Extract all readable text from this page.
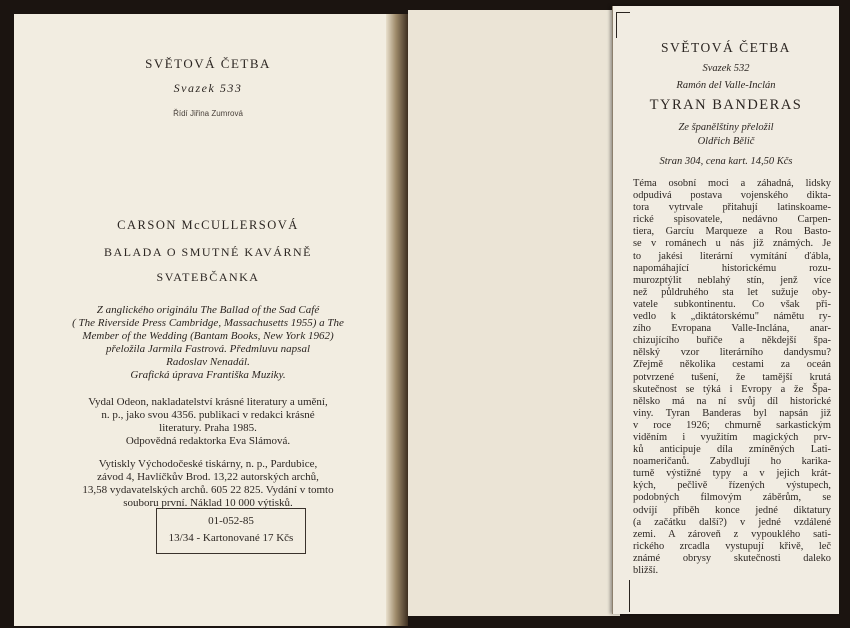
SVĚTOVÁ ČETBA
Svazek 533
Řídí Jiřina Zumrová
CARSON McCULLERSOVÁ
BALADA O SMUTNÉ KAVÁRNĚ
SVATEBČANKA
Z anglického originálu The Ballad of the Sad Café
( The Riverside Press Cambridge, Massachusetts 1955) a The
Member of the Wedding (Bantam Books, New York 1962)
přeložila Jarmila Fastrová. Předmluvu napsal
Radoslav Nenadál.
Grafická úprava Františka Muziky.
Vydal Odeon, nakladatelství krásné literatury a umění,
n. p., jako svou 4356. publikaci v redakci krásné
literatury. Praha 1985.
Odpovědná redaktorka Eva Slámová.
Vytiskly Východočeské tiskárny, n. p., Pardubice,
závod 4, Havlíčkův Brod. 13,22 autorských archů,
13,58 vydavatelských archů. 605 22 825. Vydání v tomto
souboru první. Náklad 10 000 výtisků.
01-052-85
13/34 - Kartonované 17 Kčs
SVĚTOVÁ ČETBA
Svazek 532
Ramón del Valle-Inclán
TYRAN BANDERAS
Ze španělštiny přeložil
Oldřich Bělič
Stran 304, cena kart. 14,50 Kčs
Téma osobní moci a záhadná, lidsky
odpudivá postava vojenského dikta-
tora vytrvale přitahují latinskoame-
rické spisovatele, nedávno Carpen-
tiera, Garcíu Marqueze a Rou Basto-
se v románech u nás již známých. Je
to jakési literární vymítání ďábla,
napomáhající historickému rozu-
murozptýlit neblahý stín, jenž více
než půldruhého sta let sužuje oby-
vatele subkontinentu. Co však při-
vedlo k „diktátorskému" námětu ry-
zího Evropana Valle-Inclána, anar-
chizujícího buřiče a někdejší špa-
nělský vzor literárního dandysmu?
Zřejmě několika cestami za oceán
potvrzené tušení, že tamější krutá
skutečnost se týká i Evropy a že Špa-
nělsko má na ní svůj díl historické
viny. Tyran Banderas byl napsán již
v roce 1926; chmurně sarkastickým
viděním i využitím magických prv-
ků anticipuje díla zmíněných Lati-
noameričanů. Zabydlují ho karika-
turně výstižné typy a v jejich krát-
kých, pečlivě řízených výstupech,
podobných filmovým záběrům, se
odvíjí příběh konce jedné diktatury
(a začátku další?) v jedné vzdálené
zemi. A zároveň z vypouklého sati-
rického zrcadla vystupují křivě, leč
známé obrysy skutečnosti daleko
bližší.
